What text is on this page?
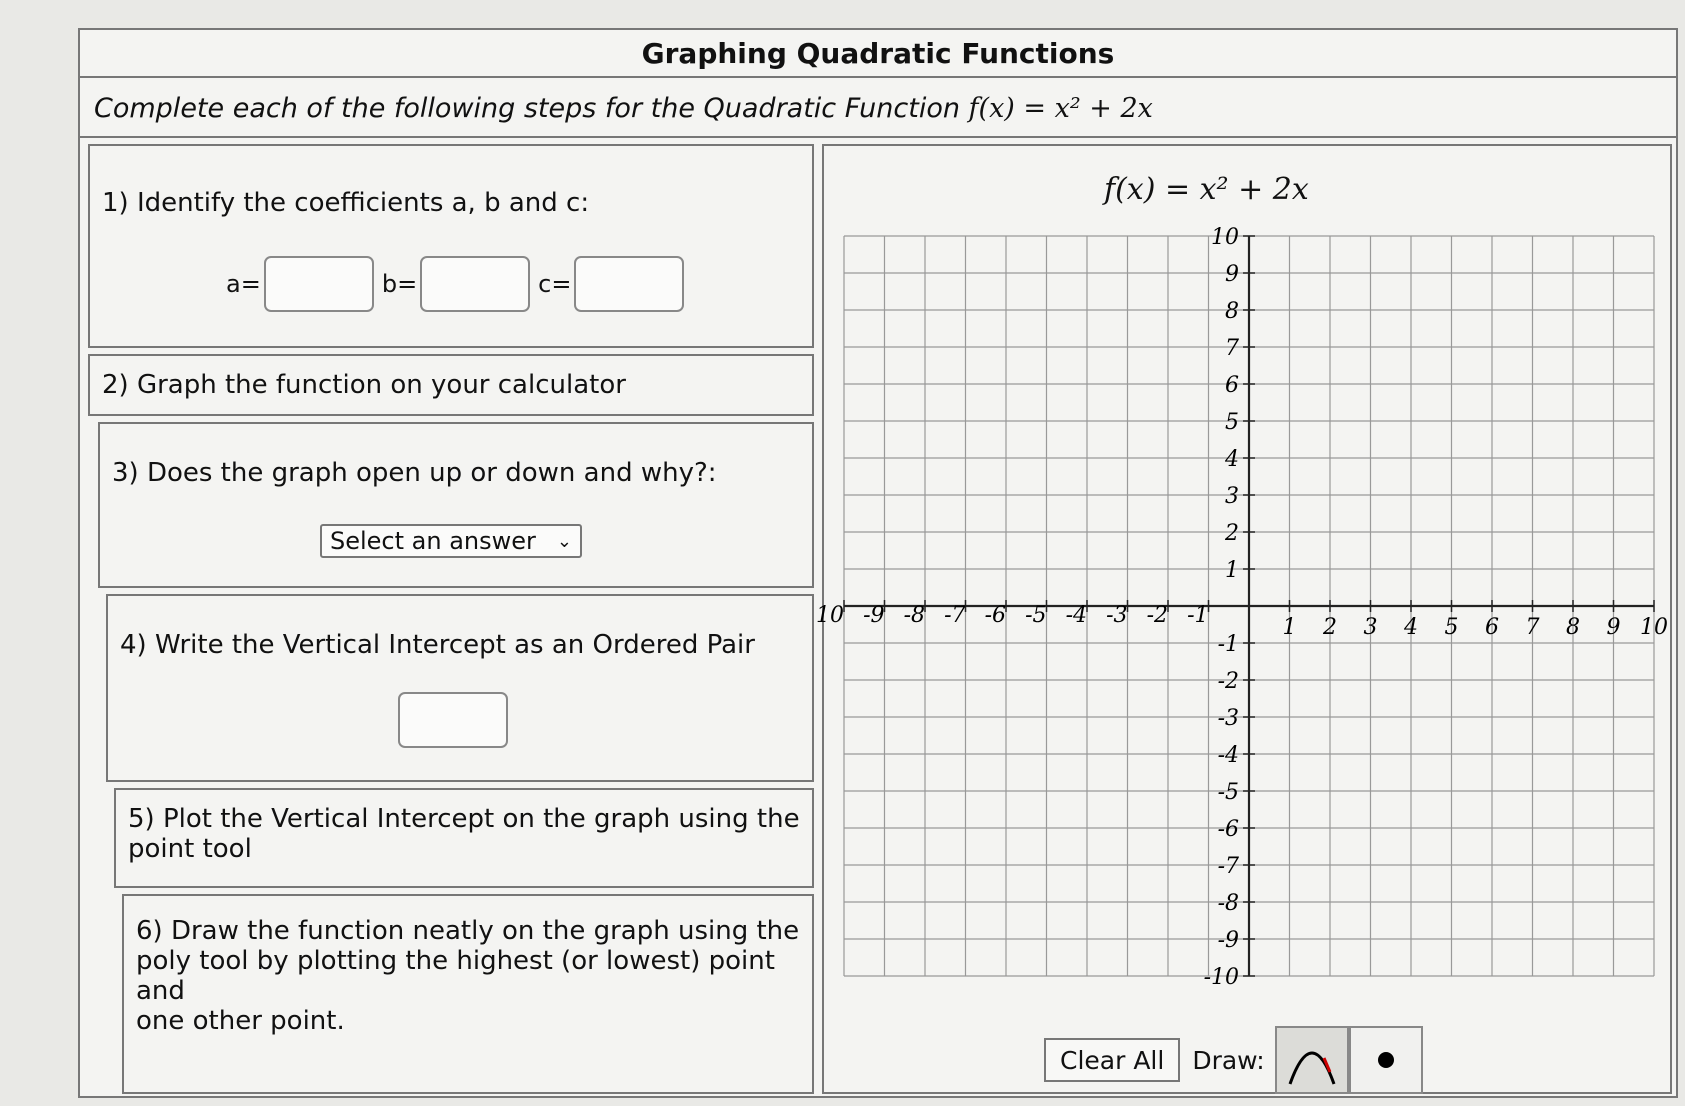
Graphing Quadratic Functions
Complete each of the following steps for the Quadratic Function
f(x) = x² + 2x
1) Identify the coefficients a, b and c:
a=	b=	c=
2) Graph the function on your calculator
3) Does the graph open up or down and why?:
Select an answer ⌄
4) Write the Vertical Intercept as an Ordered Pair
5) Plot the Vertical Intercept on the graph using the
point tool
6) Draw the function neatly on the graph using the
poly tool by plotting the highest (or lowest) point and
one other point.
f(x) = x² + 2x
10 -9 -8 -7 -6 -5 -4 -3 -2 -1	1 2 3 4 5 6 7 8 9 10
10
9
8
7
6
5
4
3
2
1
-1
-2
-3
-4
-5
-6
-7
-8
-9
-10
Clear All	Draw:
